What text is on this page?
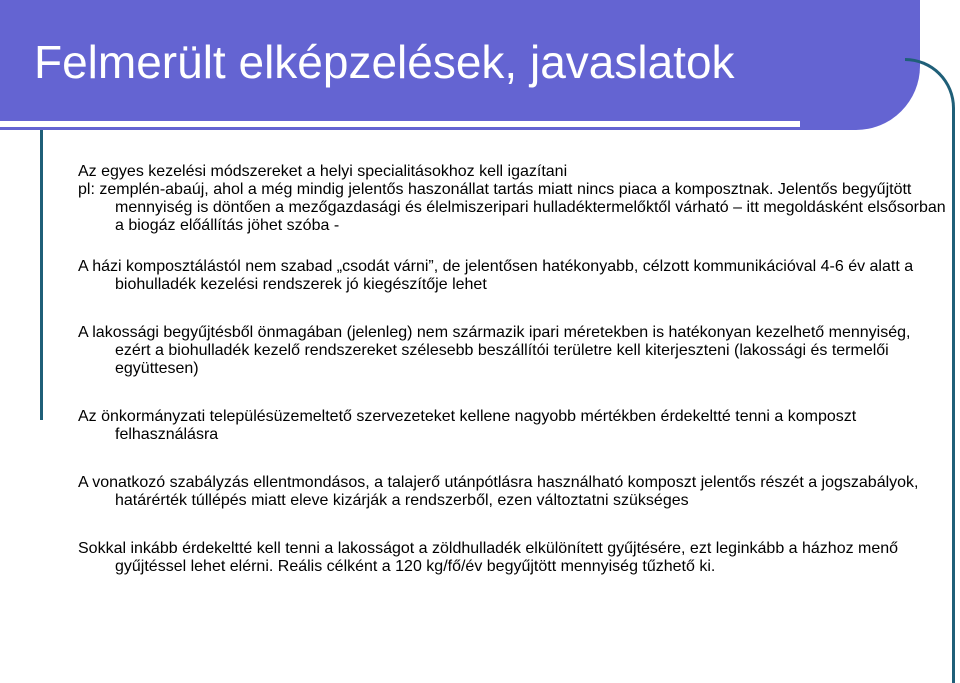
Felmerült elképzelések, javaslatok
Az egyes kezelési módszereket a helyi specialitásokhoz kell igazítani
pl: zemplén-abaúj, ahol a még mindig jelentős haszonállat tartás miatt nincs piaca a komposztnak. Jelentős begyűjtött mennyiség is döntően a mezőgazdasági és élelmiszeripari hulladéktermelőktől várható – itt megoldásként elsősorban a biogáz előállítás jöhet szóba -
A házi komposztálástól nem szabad „csodát várni”, de jelentősen hatékonyabb, célzott kommunikációval 4-6 év alatt a biohulladék kezelési rendszerek jó kiegészítője lehet
A lakossági begyűjtésből önmagában (jelenleg) nem származik ipari méretekben is hatékonyan kezelhető mennyiség, ezért a biohulladék kezelő rendszereket szélesebb beszállítói területre kell kiterjeszteni (lakossági és termelői együttesen)
Az önkormányzati településüzemeltető szervezeteket kellene nagyobb mértékben érdekeltté tenni a komposzt felhasználásra
A vonatkozó szabályzás ellentmondásos, a talajerő utánpótlásra használható komposzt jelentős részét a jogszabályok, határérték túllépés miatt eleve kizárják a rendszerből, ezen változtatni szükséges
Sokkal inkább érdekeltté kell tenni a lakosságot a zöldhulladék elkülönített gyűjtésére, ezt leginkább a házhoz menő gyűjtéssel lehet elérni. Reális célként a 120 kg/fő/év begyűjtött mennyiség tűzhető ki.
